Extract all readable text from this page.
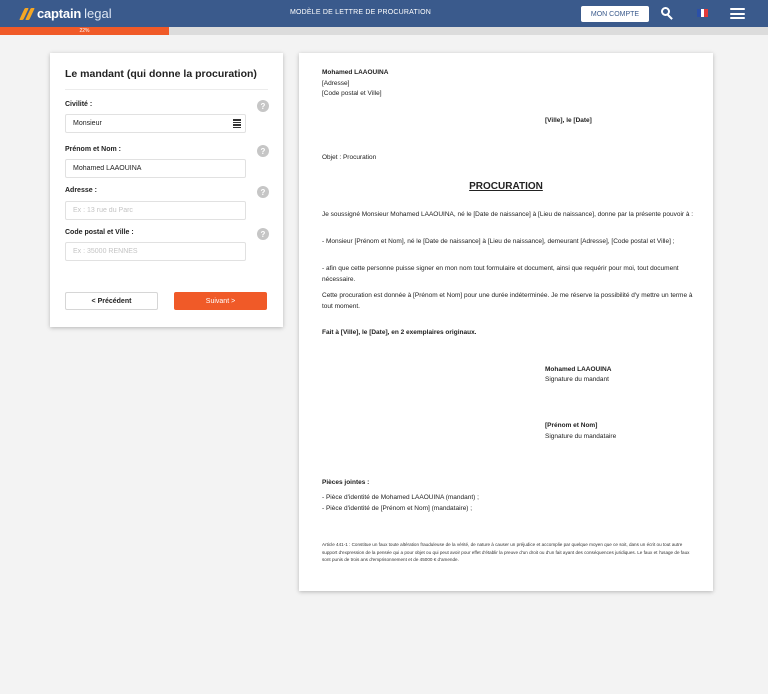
captain legal	MODÈLE DE LETTRE DE PROCURATION	MON COMPTE
22%
Le mandant (qui donne la procuration)
Civilité :	?
Monsieur
Prénom et Nom :	?
Mohamed LAAOUINA
Adresse :	?
Ex : 13 rue du Parc
Code postal et Ville :	?
Ex : 35000 RENNES
< Précédent	Suivant >
Mohamed LAAOUINA
[Adresse]
[Code postal et Ville]
[Ville], le [Date]
Objet : Procuration
PROCURATION
Je soussigné Monsieur Mohamed LAAOUINA, né le [Date de naissance] à [Lieu de naissance], donne par la présente pouvoir à :
- Monsieur [Prénom et Nom], né le [Date de naissance] à [Lieu de naissance], demeurant [Adresse], [Code postal et Ville] ;
- afin que cette personne puisse signer en mon nom tout formulaire et document, ainsi que requérir pour moi, tout document nécessaire.
Cette procuration est donnée à [Prénom et Nom] pour une durée indéterminée. Je me réserve la possibilité d'y mettre un terme à tout moment.
Fait à [Ville], le [Date], en 2 exemplaires originaux.
Mohamed LAAOUINA
Signature du mandant
[Prénom et Nom]
Signature du mandataire
Pièces jointes :
- Pièce d'identité de Mohamed LAAOUINA (mandant) ;
- Pièce d'identité de [Prénom et Nom] (mandataire) ;
Article 441-1 : Constitue un faux toute altération frauduleuse de la vérité, de nature à causer un préjudice et accomplie par quelque moyen que ce soit, dans un écrit ou tout autre support d'expression de la pensée qui a pour objet ou qui peut avoir pour effet d'établir la preuve d'un droit ou d'un fait ayant des conséquences juridiques. Le faux et l'usage de faux sont punis de trois ans d'emprisonnement et de 45000 € d'amende.
